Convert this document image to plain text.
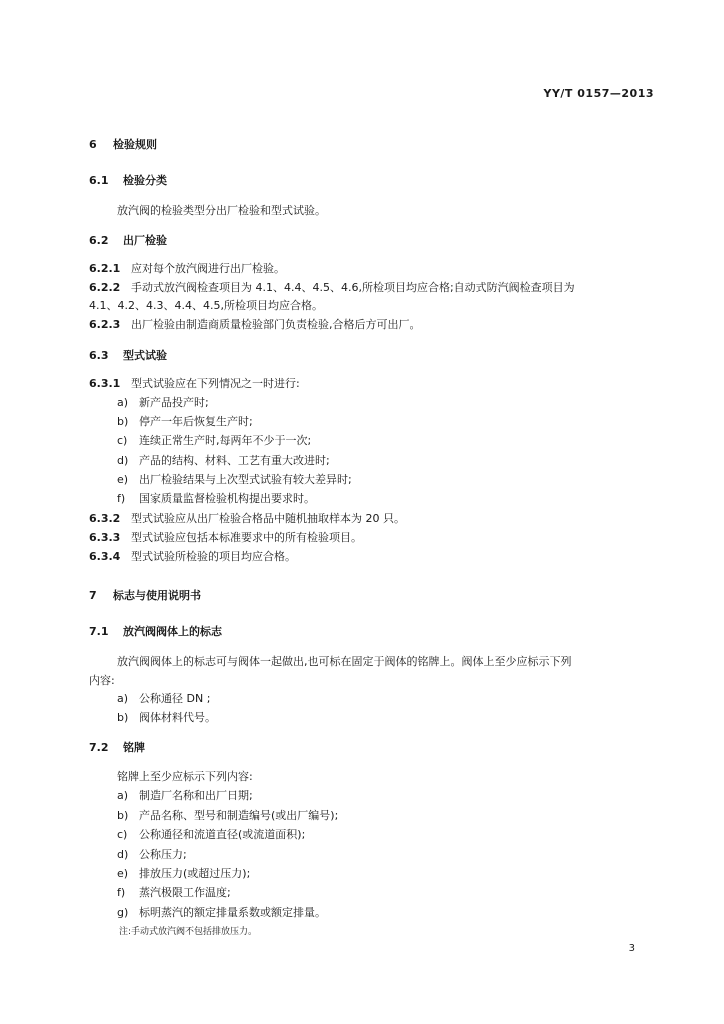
YY/T 0157—2013
6 检验规则
6.1 检验分类
放汽阀的检验类型分出厂检验和型式试验。
6.2 出厂检验
6.2.1 应对每个放汽阀进行出厂检验。
6.2.2 手动式放汽阀检查项目为 4.1、4.4、4.5、4.6,所检项目均应合格;自动式防汽阀检查项目为
4.1、4.2、4.3、4.4、4.5,所检项目均应合格。
6.2.3 出厂检验由制造商质量检验部门负责检验,合格后方可出厂。
6.3 型式试验
6.3.1 型式试验应在下列情况之一时进行:
a) 新产品投产时;
b) 停产一年后恢复生产时;
c) 连续正常生产时,每两年不少于一次;
d) 产品的结构、材料、工艺有重大改进时;
e) 出厂检验结果与上次型式试验有较大差异时;
f) 国家质量监督检验机构提出要求时。
6.3.2 型式试验应从出厂检验合格品中随机抽取样本为 20 只。
6.3.3 型式试验应包括本标准要求中的所有检验项目。
6.3.4 型式试验所检验的项目均应合格。
7 标志与使用说明书
7.1 放汽阀阀体上的标志
放汽阀阀体上的标志可与阀体一起做出,也可标在固定于阀体的铭牌上。阀体上至少应标示下列
内容:
a) 公称通径 DN ;
b) 阀体材料代号。
7.2 铭牌
铭牌上至少应标示下列内容:
a) 制造厂名称和出厂日期;
b) 产品名称、型号和制造编号(或出厂编号);
c) 公称通径和流道直径(或流道面积);
d) 公称压力;
e) 排放压力(或超过压力);
f) 蒸汽极限工作温度;
g) 标明蒸汽的额定排量系数或额定排量。
注:手动式放汽阀不包括排放压力。
3
